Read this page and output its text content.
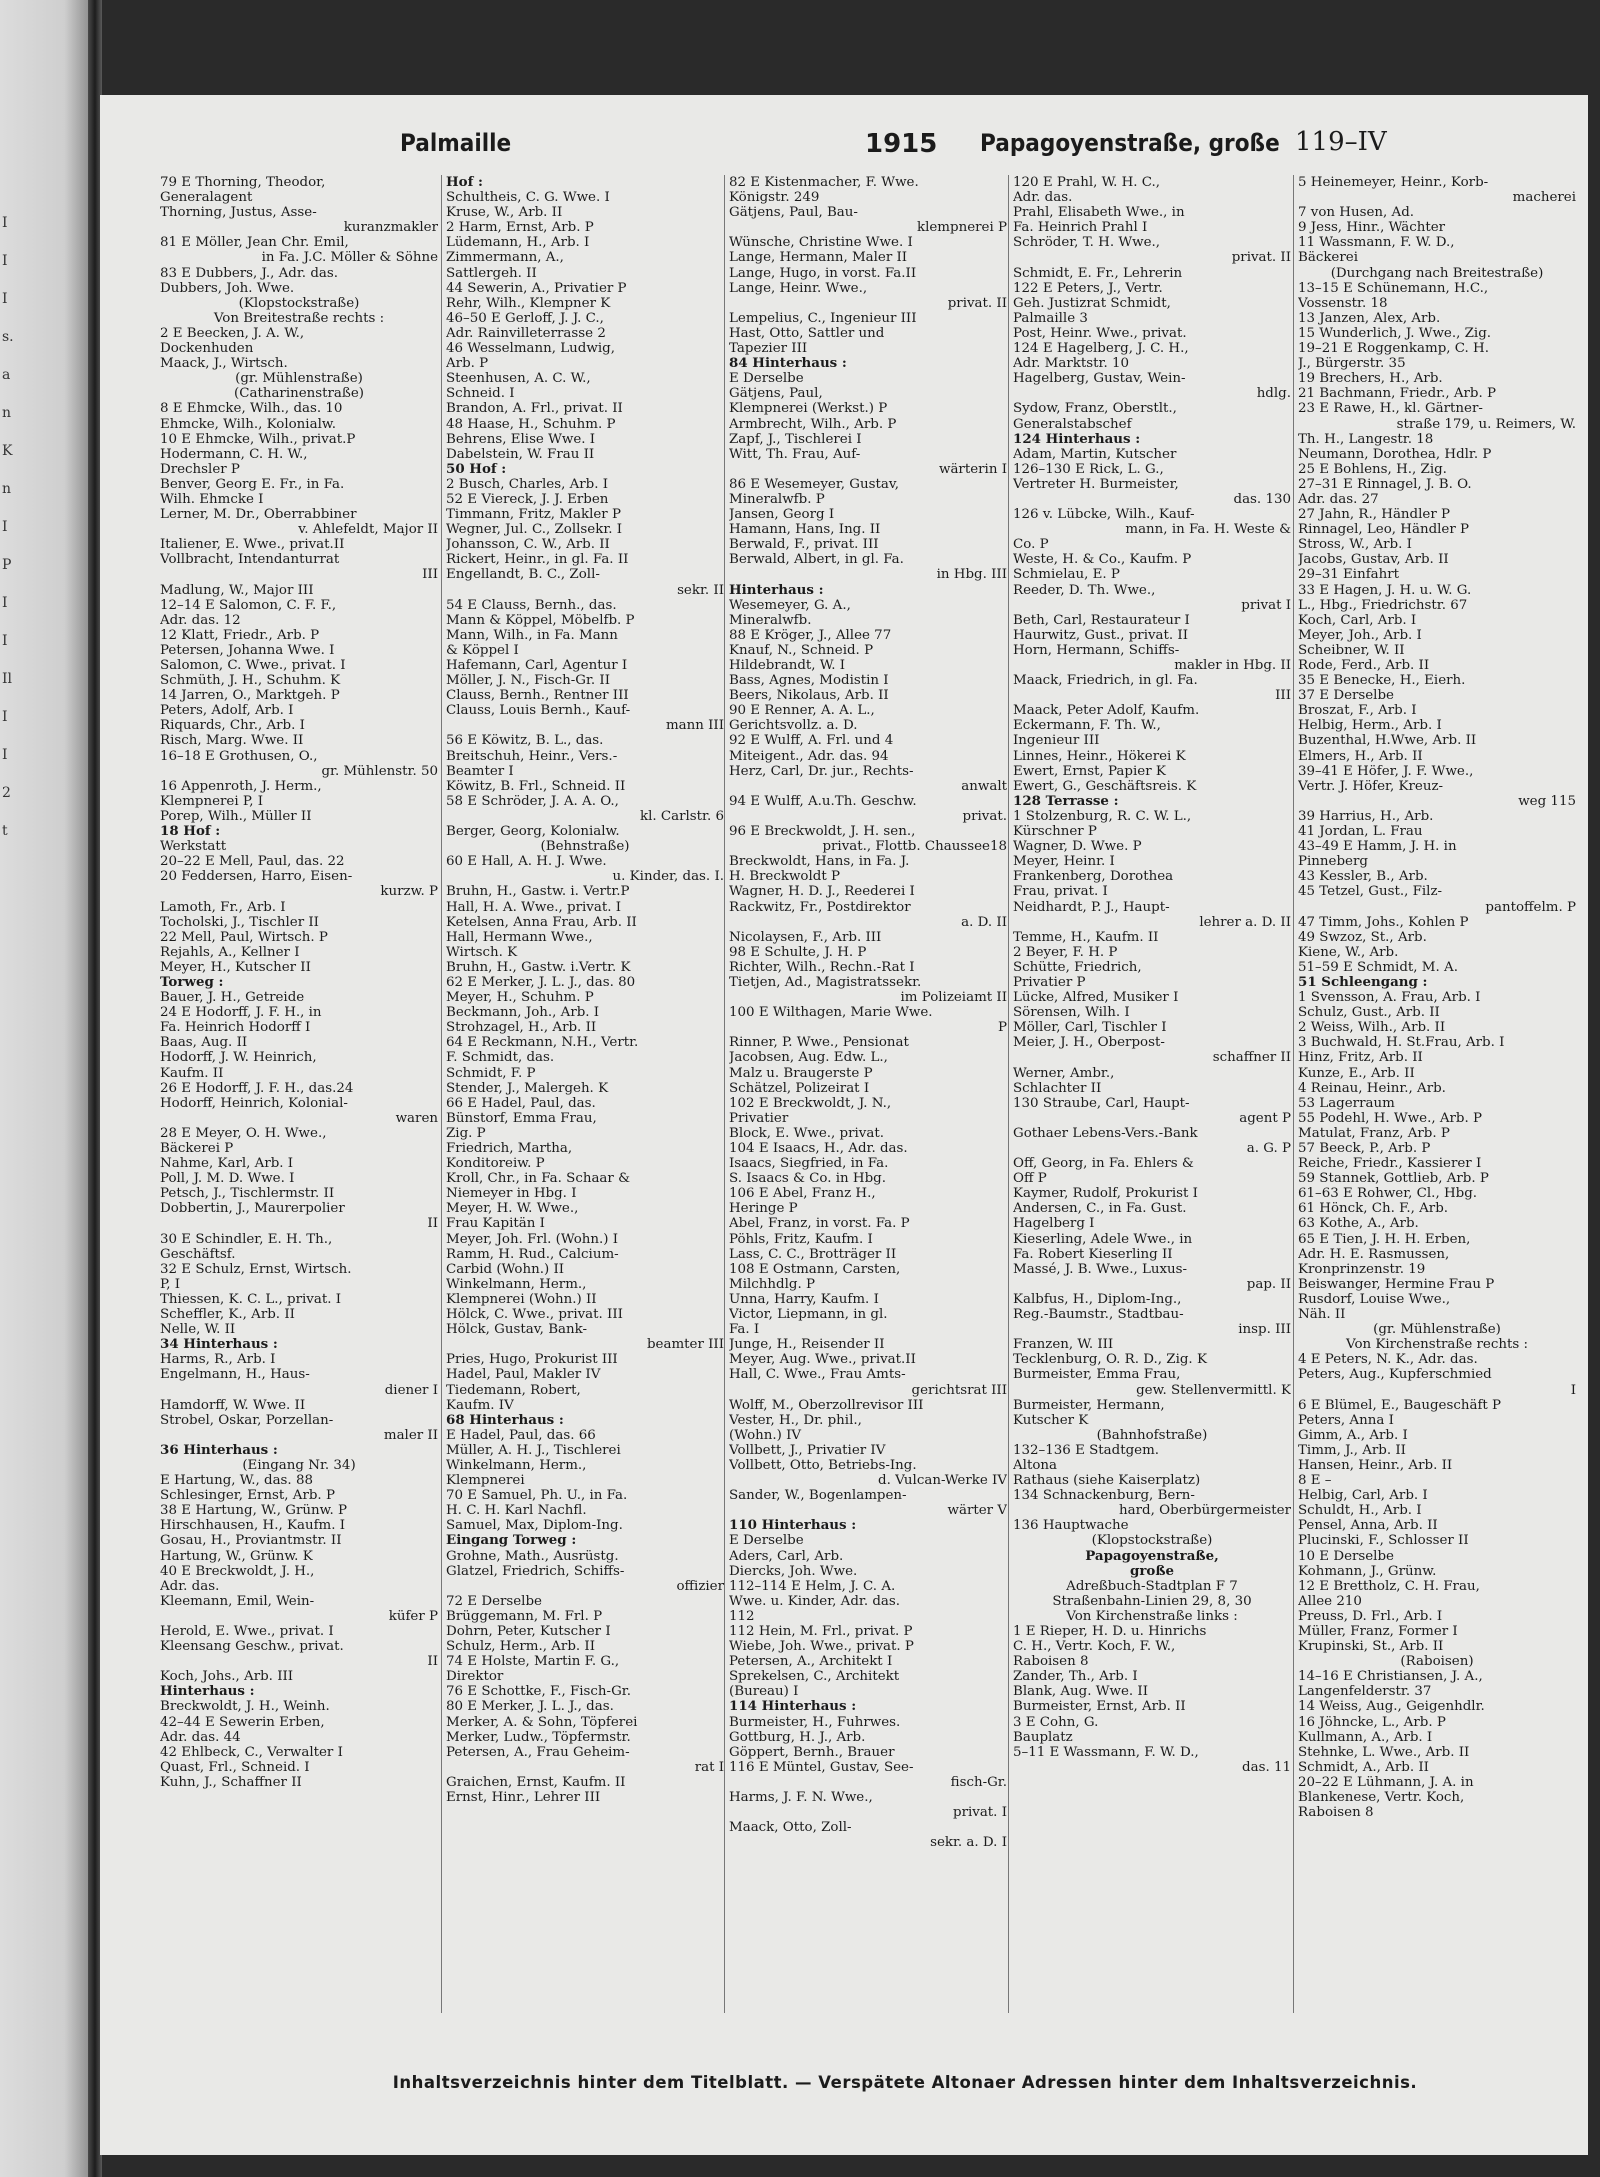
I
I
I
s.
a
n
K
n
I
P
I
I
Il
I
I
2
t
Palmaille	1915 Papagoyenstraße, große 119–IV
79 E Thorning, Theodor,
Generalagent
Thorning, Justus, Asse-
kuranzmakler
81 E Möller, Jean Chr. Emil,
in Fa. J.C. Möller & Söhne
83 E Dubbers, J., Adr. das.
Dubbers, Joh. Wwe.
(Klopstockstraße)
Von Breitestraße rechts :
2 E Beecken, J. A. W.,
Dockenhuden
Maack, J., Wirtsch.
(gr. Mühlenstraße)
(Catharinenstraße)
8 E Ehmcke, Wilh., das. 10
Ehmcke, Wilh., Kolonialw.
10 E Ehmcke, Wilh., privat.P
Hodermann, C. H. W.,
Drechsler P
Benver, Georg E. Fr., in Fa.
Wilh. Ehmcke I
Lerner, M. Dr., Oberrabbiner
v. Ahlefeldt, Major II
Italiener, E. Wwe., privat.II
Vollbracht, Intendanturrat
III
Madlung, W., Major III
12–14 E Salomon, C. F. F.,
Adr. das. 12
12 Klatt, Friedr., Arb. P
Petersen, Johanna Wwe. I
Salomon, C. Wwe., privat. I
Schmüth, J. H., Schuhm. K
14 Jarren, O., Marktgeh. P
Peters, Adolf, Arb. I
Riquards, Chr., Arb. I
Risch, Marg. Wwe. II
16–18 E Grothusen, O.,
gr. Mühlenstr. 50
16 Appenroth, J. Herm.,
Klempnerei P, I
Porep, Wilh., Müller II
18 Hof :
Werkstatt
20–22 E Mell, Paul, das. 22
20 Feddersen, Harro, Eisen-
kurzw. P
Lamoth, Fr., Arb. I
Tocholski, J., Tischler II
22 Mell, Paul, Wirtsch. P
Rejahls, A., Kellner I
Meyer, H., Kutscher II
Torweg :
Bauer, J. H., Getreide
24 E Hodorff, J. F. H., in
Fa. Heinrich Hodorff I
Baas, Aug. II
Hodorff, J. W. Heinrich,
Kaufm. II
26 E Hodorff, J. F. H., das.24
Hodorff, Heinrich, Kolonial-
waren
28 E Meyer, O. H. Wwe.,
Bäckerei P
Nahme, Karl, Arb. I
Poll, J. M. D. Wwe. I
Petsch, J., Tischlermstr. II
Dobbertin, J., Maurerpolier
II
30 E Schindler, E. H. Th.,
Geschäftsf.
32 E Schulz, Ernst, Wirtsch.
P, I
Thiessen, K. C. L., privat. I
Scheffler, K., Arb. II
Nelle, W. II
34 Hinterhaus :
Harms, R., Arb. I
Engelmann, H., Haus-
diener I
Hamdorff, W. Wwe. II
Strobel, Oskar, Porzellan-
maler II
36 Hinterhaus :
(Eingang Nr. 34)
E Hartung, W., das. 88
Schlesinger, Ernst, Arb. P
38 E Hartung, W., Grünw. P
Hirschhausen, H., Kaufm. I
Gosau, H., Proviantmstr. II
Hartung, W., Grünw. K
40 E Breckwoldt, J. H.,
Adr. das.
Kleemann, Emil, Wein-
küfer P
Herold, E. Wwe., privat. I
Kleensang Geschw., privat.
II
Koch, Johs., Arb. III
Hinterhaus :
Breckwoldt, J. H., Weinh.
42–44 E Sewerin Erben,
Adr. das. 44
42 Ehlbeck, C., Verwalter I
Quast, Frl., Schneid. I
Kuhn, J., Schaffner II
Hof :
Schultheis, C. G. Wwe. I
Kruse, W., Arb. II
2 Harm, Ernst, Arb. P
Lüdemann, H., Arb. I
Zimmermann, A.,
Sattlergeh. II
44 Sewerin, A., Privatier P
Rehr, Wilh., Klempner K
46–50 E Gerloff, J. J. C.,
Adr. Rainvilleterrasse 2
46 Wesselmann, Ludwig,
Arb. P
Steenhusen, A. C. W.,
Schneid. I
Brandon, A. Frl., privat. II
48 Haase, H., Schuhm. P
Behrens, Elise Wwe. I
Dabelstein, W. Frau II
50 Hof :
2 Busch, Charles, Arb. I
52 E Viereck, J. J. Erben
Timmann, Fritz, Makler P
Wegner, Jul. C., Zollsekr. I
Johansson, C. W., Arb. II
Rickert, Heinr., in gl. Fa. II
Engellandt, B. C., Zoll-
sekr. II
54 E Clauss, Bernh., das.
Mann & Köppel, Möbelfb. P
Mann, Wilh., in Fa. Mann
& Köppel I
Hafemann, Carl, Agentur I
Möller, J. N., Fisch-Gr. II
Clauss, Bernh., Rentner III
Clauss, Louis Bernh., Kauf-
mann III
56 E Köwitz, B. L., das.
Breitschuh, Heinr., Vers.-
Beamter I
Köwitz, B. Frl., Schneid. II
58 E Schröder, J. A. A. O.,
kl. Carlstr. 6
Berger, Georg, Kolonialw.
(Behnstraße)
60 E Hall, A. H. J. Wwe.
u. Kinder, das. I.
Bruhn, H., Gastw. i. Vertr.P
Hall, H. A. Wwe., privat. I
Ketelsen, Anna Frau, Arb. II
Hall, Hermann Wwe.,
Wirtsch. K
Bruhn, H., Gastw. i.Vertr. K
62 E Merker, J. L. J., das. 80
Meyer, H., Schuhm. P
Beckmann, Joh., Arb. I
Strohzagel, H., Arb. II
64 E Reckmann, N.H., Vertr.
F. Schmidt, das.
Schmidt, F. P
Stender, J., Malergeh. K
66 E Hadel, Paul, das.
Bünstorf, Emma Frau,
Zig. P
Friedrich, Martha,
Konditoreiw. P
Kroll, Chr., in Fa. Schaar &
Niemeyer in Hbg. I
Meyer, H. W. Wwe.,
Frau Kapitän I
Meyer, Joh. Frl. (Wohn.) I
Ramm, H. Rud., Calcium-
Carbid (Wohn.) II
Winkelmann, Herm.,
Klempnerei (Wohn.) II
Hölck, C. Wwe., privat. III
Hölck, Gustav, Bank-
beamter III
Pries, Hugo, Prokurist III
Hadel, Paul, Makler IV
Tiedemann, Robert,
Kaufm. IV
68 Hinterhaus :
E Hadel, Paul, das. 66
Müller, A. H. J., Tischlerei
Winkelmann, Herm.,
Klempnerei
70 E Samuel, Ph. U., in Fa.
H. C. H. Karl Nachfl.
Samuel, Max, Diplom-Ing.
Eingang Torweg :
Grohne, Math., Ausrüstg.
Glatzel, Friedrich, Schiffs-
offizier
72 E Derselbe
Brüggemann, M. Frl. P
Dohrn, Peter, Kutscher I
Schulz, Herm., Arb. II
74 E Holste, Martin F. G.,
Direktor
76 E Schottke, F., Fisch-Gr.
80 E Merker, J. L. J., das.
Merker, A. & Sohn, Töpferei
Merker, Ludw., Töpfermstr.
Petersen, A., Frau Geheim-
rat I
Graichen, Ernst, Kaufm. II
Ernst, Hinr., Lehrer III
82 E Kistenmacher, F. Wwe.
Königstr. 249
Gätjens, Paul, Bau-
klempnerei P
Wünsche, Christine Wwe. I
Lange, Hermann, Maler II
Lange, Hugo, in vorst. Fa.II
Lange, Heinr. Wwe.,
privat. II
Lempelius, C., Ingenieur III
Hast, Otto, Sattler und
Tapezier III
84 Hinterhaus :
E Derselbe
Gätjens, Paul,
Klempnerei (Werkst.) P
Armbrecht, Wilh., Arb. P
Zapf, J., Tischlerei I
Witt, Th. Frau, Auf-
wärterin I
86 E Wesemeyer, Gustav,
Mineralwfb. P
Jansen, Georg I
Hamann, Hans, Ing. II
Berwald, F., privat. III
Berwald, Albert, in gl. Fa.
in Hbg. III
Hinterhaus :
Wesemeyer, G. A.,
Mineralwfb.
88 E Kröger, J., Allee 77
Knauf, N., Schneid. P
Hildebrandt, W. I
Bass, Agnes, Modistin I
Beers, Nikolaus, Arb. II
90 E Renner, A. A. L.,
Gerichtsvollz. a. D.
92 E Wulff, A. Frl. und 4
Miteigent., Adr. das. 94
Herz, Carl, Dr. jur., Rechts-
anwalt
94 E Wulff, A.u.Th. Geschw.
privat.
96 E Breckwoldt, J. H. sen.,
privat., Flottb. Chaussee18
Breckwoldt, Hans, in Fa. J.
H. Breckwoldt P
Wagner, H. D. J., Reederei I
Rackwitz, Fr., Postdirektor
a. D. II
Nicolaysen, F., Arb. III
98 E Schulte, J. H. P
Richter, Wilh., Rechn.-Rat I
Tietjen, Ad., Magistratssekr.
im Polizeiamt II
100 E Wilthagen, Marie Wwe.
P
Rinner, P. Wwe., Pensionat
Jacobsen, Aug. Edw. L.,
Malz u. Braugerste P
Schätzel, Polizeirat I
102 E Breckwoldt, J. N.,
Privatier
Block, E. Wwe., privat.
104 E Isaacs, H., Adr. das.
Isaacs, Siegfried, in Fa.
S. Isaacs & Co. in Hbg.
106 E Abel, Franz H.,
Heringe P
Abel, Franz, in vorst. Fa. P
Pöhls, Fritz, Kaufm. I
Lass, C. C., Brotträger II
108 E Ostmann, Carsten,
Milchhdlg. P
Unna, Harry, Kaufm. I
Victor, Liepmann, in gl.
Fa. I
Junge, H., Reisender II
Meyer, Aug. Wwe., privat.II
Hall, C. Wwe., Frau Amts-
gerichtsrat III
Wolff, M., Oberzollrevisor III
Vester, H., Dr. phil.,
(Wohn.) IV
Vollbett, J., Privatier IV
Vollbett, Otto, Betriebs-Ing.
d. Vulcan-Werke IV
Sander, W., Bogenlampen-
wärter V
110 Hinterhaus :
E Derselbe
Aders, Carl, Arb.
Diercks, Joh. Wwe.
112–114 E Helm, J. C. A.
Wwe. u. Kinder, Adr. das.
112
112 Hein, M. Frl., privat. P
Wiebe, Joh. Wwe., privat. P
Petersen, A., Architekt I
Sprekelsen, C., Architekt
(Bureau) I
114 Hinterhaus :
Burmeister, H., Fuhrwes.
Gottburg, H. J., Arb.
Göppert, Bernh., Brauer
116 E Müntel, Gustav, See-
fisch-Gr.
Harms, J. F. N. Wwe.,
privat. I
Maack, Otto, Zoll-
sekr. a. D. I
120 E Prahl, W. H. C.,
Adr. das.
Prahl, Elisabeth Wwe., in
Fa. Heinrich Prahl I
Schröder, T. H. Wwe.,
privat. II
Schmidt, E. Fr., Lehrerin
122 E Peters, J., Vertr.
Geh. Justizrat Schmidt,
Palmaille 3
Post, Heinr. Wwe., privat.
124 E Hagelberg, J. C. H.,
Adr. Marktstr. 10
Hagelberg, Gustav, Wein-
hdlg.
Sydow, Franz, Oberstlt.,
Generalstabschef
124 Hinterhaus :
Adam, Martin, Kutscher
126–130 E Rick, L. G.,
Vertreter H. Burmeister,
das. 130
126 v. Lübcke, Wilh., Kauf-
mann, in Fa. H. Weste &
Co. P
Weste, H. & Co., Kaufm. P
Schmielau, E. P
Reeder, D. Th. Wwe.,
privat I
Beth, Carl, Restaurateur I
Haurwitz, Gust., privat. II
Horn, Hermann, Schiffs-
makler in Hbg. II
Maack, Friedrich, in gl. Fa.
III
Maack, Peter Adolf, Kaufm.
Eckermann, F. Th. W.,
Ingenieur III
Linnes, Heinr., Hökerei K
Ewert, Ernst, Papier K
Ewert, G., Geschäftsreis. K
128 Terrasse :
1 Stolzenburg, R. C. W. L.,
Kürschner P
Wagner, D. Wwe. P
Meyer, Heinr. I
Frankenberg, Dorothea
Frau, privat. I
Neidhardt, P. J., Haupt-
lehrer a. D. II
Temme, H., Kaufm. II
2 Beyer, F. H. P
Schütte, Friedrich,
Privatier P
Lücke, Alfred, Musiker I
Sörensen, Wilh. I
Möller, Carl, Tischler I
Meier, J. H., Oberpost-
schaffner II
Werner, Ambr.,
Schlachter II
130 Straube, Carl, Haupt-
agent P
Gothaer Lebens-Vers.-Bank
a. G. P
Off, Georg, in Fa. Ehlers &
Off P
Kaymer, Rudolf, Prokurist I
Andersen, C., in Fa. Gust.
Hagelberg I
Kieserling, Adele Wwe., in
Fa. Robert Kieserling II
Massé, J. B. Wwe., Luxus-
pap. II
Kalbfus, H., Diplom-Ing.,
Reg.-Baumstr., Stadtbau-
insp. III
Franzen, W. III
Tecklenburg, O. R. D., Zig. K
Burmeister, Emma Frau,
gew. Stellenvermittl. K
Burmeister, Hermann,
Kutscher K
(Bahnhofstraße)
132–136 E Stadtgem.
Altona
Rathaus (siehe Kaiserplatz)
134 Schnackenburg, Bern-
hard, Oberbürgermeister
136 Hauptwache
(Klopstockstraße)
Papagoyenstraße,
große
Adreßbuch-Stadtplan F 7
Straßenbahn-Linien 29, 8, 30
Von Kirchenstraße links :
1 E Rieper, H. D. u. Hinrichs
C. H., Vertr. Koch, F. W.,
Raboisen 8
Zander, Th., Arb. I
Blank, Aug. Wwe. II
Burmeister, Ernst, Arb. II
3 E Cohn, G.
Bauplatz
5–11 E Wassmann, F. W. D.,
das. 11
5 Heinemeyer, Heinr., Korb-
macherei
7 von Husen, Ad.
9 Jess, Hinr., Wächter
11 Wassmann, F. W. D.,
Bäckerei
(Durchgang nach Breitestraße)
13–15 E Schünemann, H.C.,
Vossenstr. 18
13 Janzen, Alex, Arb.
15 Wunderlich, J. Wwe., Zig.
19–21 E Roggenkamp, C. H.
J., Bürgerstr. 35
19 Brechers, H., Arb.
21 Bachmann, Friedr., Arb. P
23 E Rawe, H., kl. Gärtner-
straße 179, u. Reimers, W.
Th. H., Langestr. 18
Neumann, Dorothea, Hdlr. P
25 E Bohlens, H., Zig.
27–31 E Rinnagel, J. B. O.
Adr. das. 27
27 Jahn, R., Händler P
Rinnagel, Leo, Händler P
Stross, W., Arb. I
Jacobs, Gustav, Arb. II
29–31 Einfahrt
33 E Hagen, J. H. u. W. G.
L., Hbg., Friedrichstr. 67
Koch, Carl, Arb. I
Meyer, Joh., Arb. I
Scheibner, W. II
Rode, Ferd., Arb. II
35 E Benecke, H., Eierh.
37 E Derselbe
Broszat, F., Arb. I
Helbig, Herm., Arb. I
Buzenthal, H.Wwe, Arb. II
Elmers, H., Arb. II
39–41 E Höfer, J. F. Wwe.,
Vertr. J. Höfer, Kreuz-
weg 115
39 Harrius, H., Arb.
41 Jordan, L. Frau
43–49 E Hamm, J. H. in
Pinneberg
43 Kessler, B., Arb.
45 Tetzel, Gust., Filz-
pantoffelm. P
47 Timm, Johs., Kohlen P
49 Swzoz, St., Arb.
Kiene, W., Arb.
51–59 E Schmidt, M. A.
51 Schleengang :
1 Svensson, A. Frau, Arb. I
Schulz, Gust., Arb. II
2 Weiss, Wilh., Arb. II
3 Buchwald, H. St.Frau, Arb. I
Hinz, Fritz, Arb. II
Kunze, E., Arb. II
4 Reinau, Heinr., Arb.
53 Lagerraum
55 Podehl, H. Wwe., Arb. P
Matulat, Franz, Arb. P
57 Beeck, P., Arb. P
Reiche, Friedr., Kassierer I
59 Stannek, Gottlieb, Arb. P
61–63 E Rohwer, Cl., Hbg.
61 Hönck, Ch. F., Arb.
63 Kothe, A., Arb.
65 E Tien, J. H. H. Erben,
Adr. H. E. Rasmussen,
Kronprinzenstr. 19
Beiswanger, Hermine Frau P
Rusdorf, Louise Wwe.,
Näh. II
(gr. Mühlenstraße)
Von Kirchenstraße rechts :
4 E Peters, N. K., Adr. das.
Peters, Aug., Kupferschmied
I
6 E Blümel, E., Baugeschäft P
Peters, Anna I
Gimm, A., Arb. I
Timm, J., Arb. II
Hansen, Heinr., Arb. II
8 E –
Helbig, Carl, Arb. I
Schuldt, H., Arb. I
Pensel, Anna, Arb. II
Plucinski, F., Schlosser II
10 E Derselbe
Kohmann, J., Grünw.
12 E Brettholz, C. H. Frau,
Allee 210
Preuss, D. Frl., Arb. I
Müller, Franz, Former I
Krupinski, St., Arb. II
(Raboisen)
14–16 E Christiansen, J. A.,
Langenfelderstr. 37
14 Weiss, Aug., Geigenhdlr.
16 Jöhncke, L., Arb. P
Kullmann, A., Arb. I
Stehnke, L. Wwe., Arb. II
Schmidt, A., Arb. II
20–22 E Lühmann, J. A. in
Blankenese, Vertr. Koch,
Raboisen 8
Inhaltsverzeichnis hinter dem Titelblatt. — Verspätete Altonaer Adressen hinter dem Inhaltsverzeichnis.
